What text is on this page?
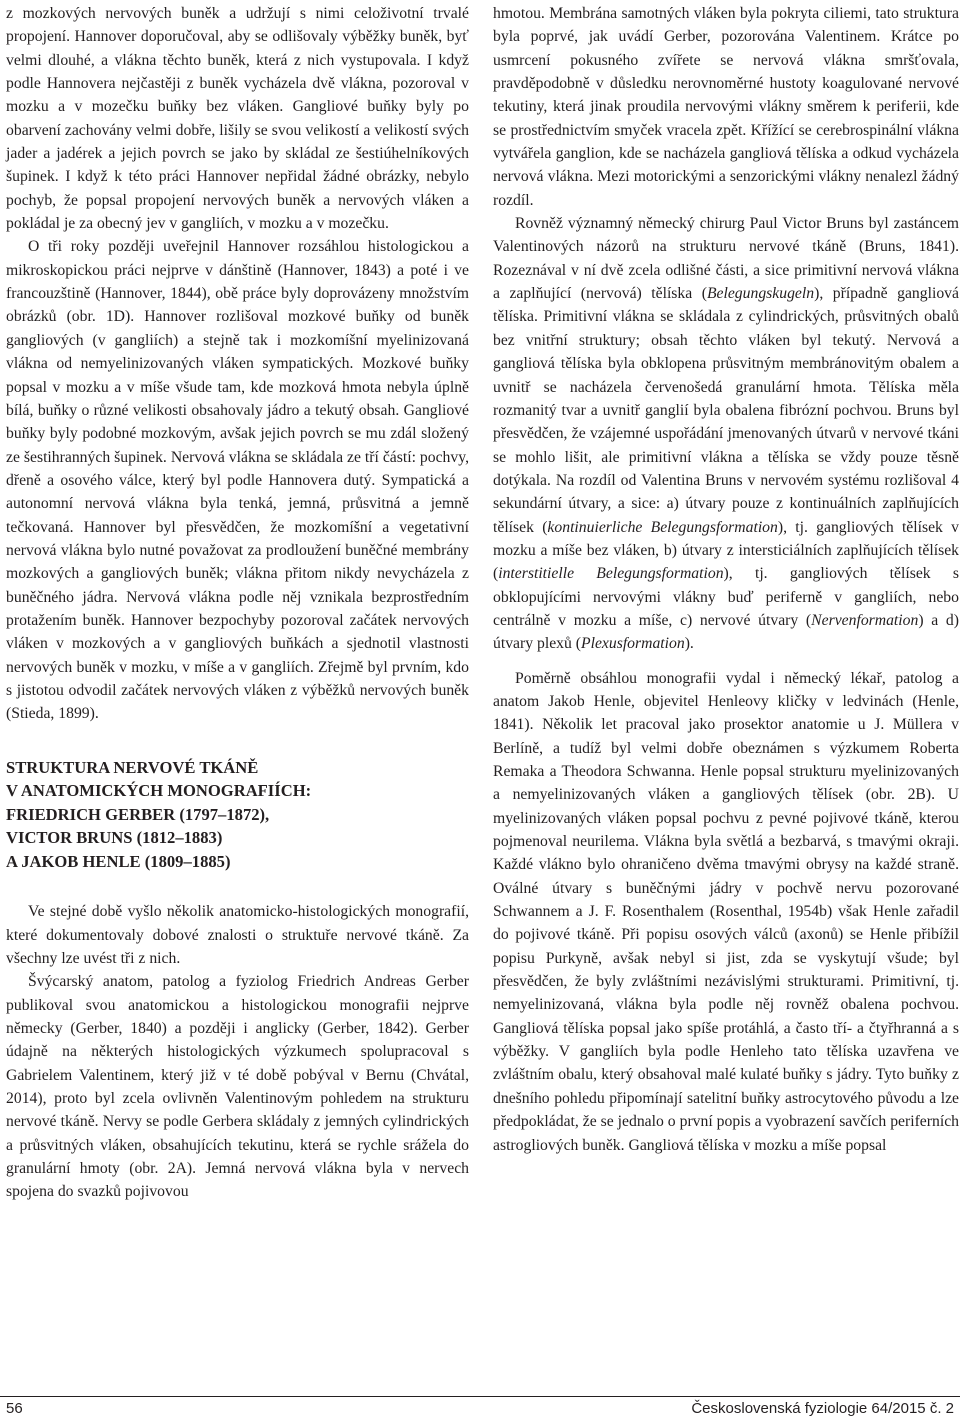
z mozkových nervových buněk a udržují s nimi celoživotní trvalé propojení. Hannover doporučoval, aby se odlišovaly výběžky buněk, byť velmi dlouhé, a vlákna těchto buněk, která z nich vystupovala. I když podle Hannovera nejčastěji z buněk vycházela dvě vlákna, pozoroval v mozku a v mozečku buňky bez vláken. Gangliové buňky byly po obarvení zachovány velmi dobře, lišily se svou velikostí a velikostí svých jader a jadérek a jejich povrch se jako by skládal ze šestiúhelníkových šupinek. I když k této práci Hannover nepřidal žádné obrázky, nebylo pochyb, že popsal propojení nervových buněk a nervových vláken a pokládal je za obecný jev v gangliích, v mozku a v mozečku.

O tři roky později uveřejnil Hannover rozsáhlou histologickou a mikroskopickou práci nejprve v dánštině (Hannover, 1843) a poté i ve francouzštině (Hannover, 1844), obě práce byly doprovázeny množstvím obrázků (obr. 1D). Hannover rozlišoval mozkové buňky od buněk gangliových (v gangliích) a stejně tak i mozkomíšní myelinizovaná vlákna od nemyelinizovaných vláken sympatických. Mozkové buňky popsal v mozku a v míše všude tam, kde mozková hmota nebyla úplně bílá, buňky o různé velikosti obsahovaly jádro a tekutý obsah. Gangliové buňky byly podobné mozkovým, avšak jejich povrch se mu zdál složený ze šestihranných šupinek. Nervová vlákna se skládala ze tří částí: pochvy, dřeně a osového válce, který byl podle Hannovera dutý. Sympatická a autonomní nervová vlákna byla tenká, jemná, průsvitná a jemně tečkovaná. Hannover byl přesvědčen, že mozkomíšní a vegetativní nervová vlákna bylo nutné považovat za prodloužení buněčné membrány mozkových a gangliových buněk; vlákna přitom nikdy nevycházela z buněčného jádra. Nervová vlákna podle něj vznikala bezprostředním protažením buněk. Hannover bezpochyby pozoroval začátek nervových vláken v mozkových a v gangliových buňkách a sjednotil vlastnosti nervových buněk v mozku, v míše a v gangliích. Zřejmě byl prvním, kdo s jistotou odvodil začátek nervových vláken z výběžků nervových buněk (Stieda, 1899).

STRUKTURA NERVOVÉ TKÁNĚ

V ANATOMICKÝCH MONOGRAFIÍCH:

FRIEDRICH GERBER (1797–1872),

VICTOR BRUNS (1812–1883)

A JAKOB HENLE (1809–1885)

Ve stejné době vyšlo několik anatomicko-histologických monografií, které dokumentovaly dobové znalosti o struktuře nervové tkáně. Za všechny lze uvést tři z nich.

Švýcarský anatom, patolog a fyziolog Friedrich Andreas Gerber publikoval svou anatomickou a histologickou monografii nejprve německy (Gerber, 1840) a později i anglicky (Gerber, 1842). Gerber údajně na některých histologických výzkumech spolupracoval s Gabrielem Valentinem, který již v té době pobýval v Bernu (Chvátal, 2014), proto byl zcela ovlivněn Valentinovým pohledem na strukturu nervové tkáně. Nervy se podle Gerbera skládaly z jemných cylindrických a průsvitných vláken, obsahujících tekutinu, která se rychle srážela do granulární hmoty (obr. 2A). Jemná nervová vlákna byla v nervech spojena do svazků pojivovou

hmotou. Membrána samotných vláken byla pokryta ciliemi, tato struktura byla poprvé, jak uvádí Gerber, pozorována Valentinem. Krátce po usmrcení pokusného zvířete se nervová vlákna smršťovala, pravděpodobně v důsledku nerovnoměrné hustoty koagulované nervové tekutiny, která jinak proudila nervovými vlákny směrem k periferii, kde se prostřednictvím smyček vracela zpět. Křížící se cerebrospinální vlákna vytvářela ganglion, kde se nacházela gangliová tělíska a odkud vycházela nervová vlákna. Mezi motorickými a senzorickými vlákny nenalezl žádný rozdíl.

Rovněž významný německý chirurg Paul Victor Bruns byl zastáncem Valentinových názorů na strukturu nervové tkáně (Bruns, 1841). Rozeznával v ní dvě zcela odlišné části, a sice primitivní nervová vlákna a zaplňující (nervová) tělíska (Belegungskugeln), případně gangliová tělíska. Primitivní vlákna se skládala z cylindrických, průsvitných obalů bez vnitřní struktury; obsah těchto vláken byl tekutý. Nervová a gangliová tělíska byla obklopena průsvitným membránovitým obalem a uvnitř se nacházela červenošedá granulární hmota. Tělíska měla rozmanitý tvar a uvnitř ganglií byla obalena fibrózní pochvou. Bruns byl přesvědčen, že vzájemné uspořádání jmenovaných útvarů v nervové tkáni se mohlo lišit, ale primitivní vlákna a tělíska se vždy pouze těsně dotýkala. Na rozdíl od Valentina Bruns v nervovém systému rozlišoval 4 sekundární útvary, a sice: a) útvary pouze z kontinuálních zaplňujících tělísek (kontinuierliche Belegungsformation), tj. gangliových tělísek v mozku a míše bez vláken, b) útvary z intersticiálních zaplňujících tělísek (interstitielle Belegungsformation), tj. gangliových tělísek s obklopujícími nervovými vlákny buď periferně v gangliích, nebo centrálně v mozku a míše, c) nervové útvary (Nervenformation) a d) útvary plexů (Plexusformation).

Poměrně obsáhlou monografii vydal i německý lékař, patolog a anatom Jakob Henle, objevitel Henleovy kličky v ledvinách (Henle, 1841). Několik let pracoval jako prosektor anatomie u J. Müllera v Berlíně, a tudíž byl velmi dobře obeznámen s výzkumem Roberta Remaka a Theodora Schwanna. Henle popsal strukturu myelinizovaných a nemyelinizovaných vláken a gangliových tělísek (obr. 2B). U myelinizovaných vláken popsal pochvu z pevné pojivové tkáně, kterou pojmenoval neurilema. Vlákna byla světlá a bezbarvá, s tmavými okraji. Každé vlákno bylo ohraničeno dvěma tmavými obrysy na každé straně. Oválné útvary s buněčnými jádry v pochvě nervu pozorované Schwannem a J. F. Rosenthalem (Rosenthal, 1954b) však Henle zařadil do pojivové tkáně. Při popisu osových válců (axonů) se Henle přibížil popisu Purkyně, avšak nebyl si jist, zda se vyskytují všude; byl přesvědčen, že byly zvláštními nezávislými strukturami. Primitivní, tj. nemyelinizovaná, vlákna byla podle něj rovněž obalena pochvou. Gangliová tělíska popsal jako spíše protáhlá, a často tří- a čtyřhranná a s výběžky. V gangliích byla podle Henleho tato tělíska uzavřena ve zvláštním obalu, který obsahoval malé kulaté buňky s jádry. Tyto buňky z dnešního pohledu připomínají satelitní buňky astrocytového původu a lze předpokládat, že se jednalo o první popis a vyobrazení savčích periferních astrogliových buněk. Gangliová tělíska v mozku a míše popsal

56	Československá fyziologie 64/2015 č. 2
